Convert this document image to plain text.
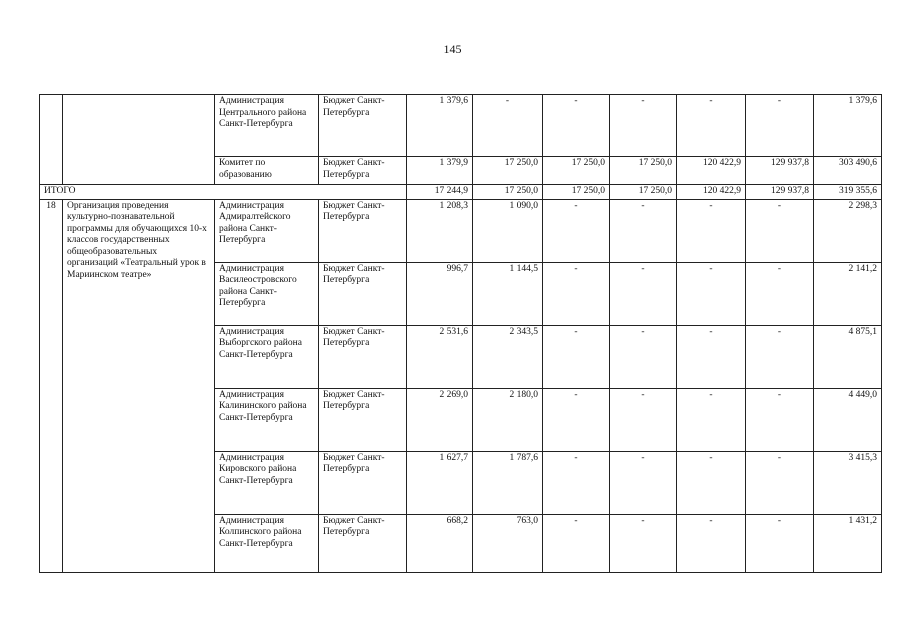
145
		Администрация Центрального района Санкт-Петербурга	Бюджет Санкт-Петербурга	1 379,6	-	-	-	-	-	1 379,6
		Комитет по образованию	Бюджет Санкт-Петербурга	1 379,9	17 250,0	17 250,0	17 250,0	120 422,9	129 937,8	303 490,6
ИТОГО				17 244,9	17 250,0	17 250,0	17 250,0	120 422,9	129 937,8	319 355,6
18	Организация проведения культурно-познавательной программы для обучающихся 10-х классов государственных общеобразовательных организаций «Театральный урок в Мариинском театре»	Администрация Адмиралтейского района Санкт-Петербурга	Бюджет Санкт-Петербурга	1 208,3	1 090,0	-	-	-	-	2 298,3
		Администрация Василеостровского района Санкт-Петербурга	Бюджет Санкт-Петербурга	996,7	1 144,5	-	-	-	-	2 141,2
		Администрация Выборгского района Санкт-Петербурга	Бюджет Санкт-Петербурга	2 531,6	2 343,5	-	-	-	-	4 875,1
		Администрация Калининского района Санкт-Петербурга	Бюджет Санкт-Петербурга	2 269,0	2 180,0	-	-	-	-	4 449,0
		Администрация Кировского района Санкт-Петербурга	Бюджет Санкт-Петербурга	1 627,7	1 787,6	-	-	-	-	3 415,3
		Администрация Колпинского района Санкт-Петербурга	Бюджет Санкт-Петербурга	668,2	763,0	-	-	-	-	1 431,2
